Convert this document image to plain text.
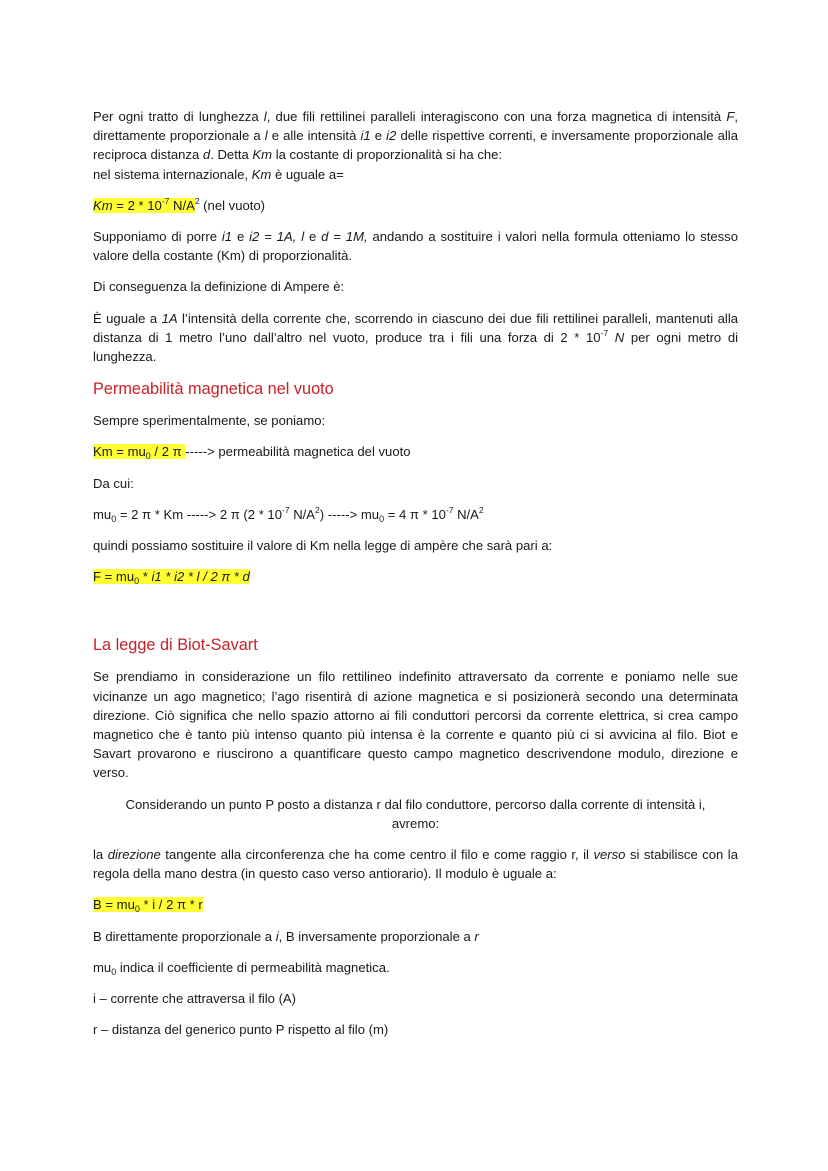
Per ogni tratto di lunghezza l, due fili rettilinei paralleli interagiscono con una forza magnetica di intensità F, direttamente proporzionale a l e alle intensità i1 e i2 delle rispettive correnti, e inversamente proporzionale alla reciproca distanza d. Detta Km la costante di proporzionalità si ha che:
nel sistema internazionale, Km è uguale a=

$Km = 2 * 10^{-7}$ $N/A^2$ (nel vuoto)

Supponiamo di porre i1 e i2 = 1A, l e d = 1M, andando a sostituire i valori nella formula otteniamo lo stesso valore della costante (Km) di proporzionalità.

Di conseguenza la definizione di Ampere è:

È uguale a 1A l’intensità della corrente che, scorrendo in ciascuno dei due fili rettilinei paralleli, mantenuti alla distanza di 1 metro l’uno dall’altro nel vuoto, produce tra i fili una forza di $2 * 10^{-7}$ N per ogni metro di lunghezza.

Permeabilità magnetica nel vuoto

Sempre sperimentalmente, se poniamo:

$Km = mu_0 / 2$ π -----> permeabilità magnetica del vuoto

Da cui:

$mu_0 = 2$ π * Km -----> 2 π ($2 * 10^{-7}$ $N/A^2$) -----> $mu_0 = 4$ π * $10^{-7}$ $N/A^2$

quindi possiamo sostituire il valore di Km nella legge di ampère che sarà pari a:

$F = mu_0 * i1 * i2 * l / 2$ π * d

La legge di Biot-Savart

Se prendiamo in considerazione un filo rettilineo indefinito attraversato da corrente e poniamo nelle sue vicinanze un ago magnetico; l’ago risentirà di azione magnetica e si posizionerà secondo una determinata direzione. Ciò significa che nello spazio attorno ai fili conduttori percorsi da corrente elettrica, si crea campo magnetico che è tanto più intenso quanto più intensa è la corrente e quanto più ci si avvicina al filo. Biot e Savart provarono e riuscirono a quantificare questo campo magnetico descrivendone modulo, direzione e verso.

Considerando un punto P posto a distanza r dal filo conduttore, percorso dalla corrente di intensità i,
avremo:

la direzione tangente alla circonferenza che ha come centro il filo e come raggio r, il verso si stabilisce con la regola della mano destra (in questo caso verso antiorario). Il modulo è uguale a:

$B = mu_0 * i / 2$ π * r

B direttamente proporzionale a i, B inversamente proporzionale a r

$mu_0$ indica il coefficiente di permeabilità magnetica.

i – corrente che attraversa il filo (A)

r – distanza del generico punto P rispetto al filo (m)
